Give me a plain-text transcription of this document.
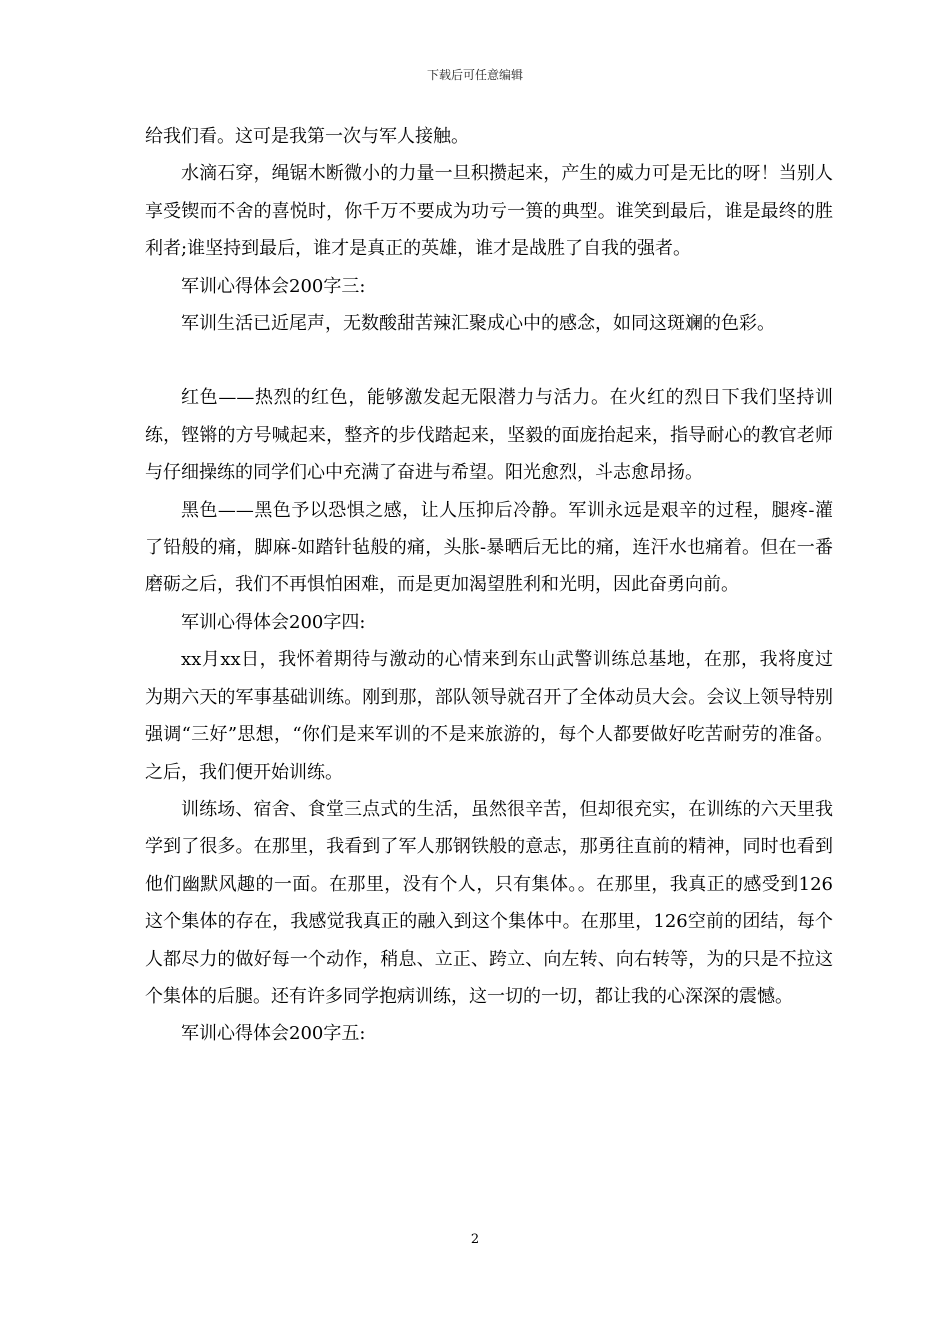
下载后可任意编辑

给我们看。这可是我第一次与军人接触。

水滴石穿，绳锯木断微小的力量一旦积攒起来，产生的威力可是无比的呀！当别人享受锲而不舍的喜悦时，你千万不要成为功亏一篑的典型。谁笑到最后，谁是最终的胜利者;谁坚持到最后，谁才是真正的英雄，谁才是战胜了自我的强者。

军训心得体会200字三:

军训生活已近尾声，无数酸甜苦辣汇聚成心中的感念，如同这斑斓的色彩。

红色——热烈的红色，能够激发起无限潜力与活力。在火红的烈日下我们坚持训练，铿锵的方号喊起来，整齐的步伐踏起来，坚毅的面庞抬起来，指导耐心的教官老师与仔细操练的同学们心中充满了奋进与希望。阳光愈烈，斗志愈昂扬。

黑色——黑色予以恐惧之感，让人压抑后冷静。军训永远是艰辛的过程，腿疼-灌了铅般的痛，脚麻-如踏针毡般的痛，头胀-暴晒后无比的痛，连汗水也痛着。但在一番磨砺之后，我们不再惧怕困难，而是更加渴望胜利和光明，因此奋勇向前。

军训心得体会200字四:

xx月xx日，我怀着期待与激动的心情来到东山武警训练总基地，在那，我将度过为期六天的军事基础训练。刚到那，部队领导就召开了全体动员大会。会议上领导特别强调“三好”思想，“你们是来军训的不是来旅游的，每个人都要做好吃苦耐劳的准备。之后，我们便开始训练。

训练场、宿舍、食堂三点式的生活，虽然很辛苦，但却很充实，在训练的六天里我学到了很多。在那里，我看到了军人那钢铁般的意志，那勇往直前的精神，同时也看到他们幽默风趣的一面。在那里，没有个人，只有集体。。在那里，我真正的感受到126这个集体的存在，我感觉我真正的融入到这个集体中。在那里，126空前的团结，每个人都尽力的做好每一个动作，稍息、立正、跨立、向左转、向右转等，为的只是不拉这个集体的后腿。还有许多同学抱病训练，这一切的一切，都让我的心深深的震憾。

军训心得体会200字五:

2
